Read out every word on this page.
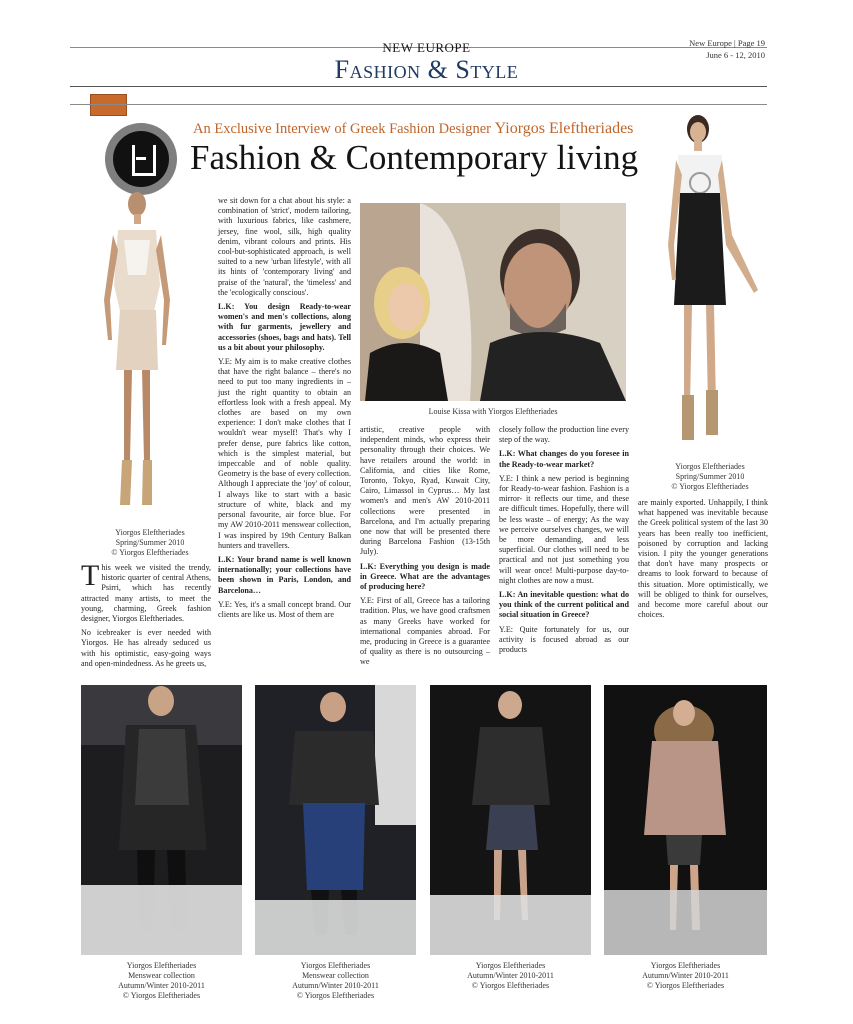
NEW EUROPE
Fashion & Style
New Europe | Page 19
June 6 - 12, 2010
An Exclusive Interview of Greek Fashion Designer Yiorgos Eleftheriades
Fashion & Contemporary living
Yiorgos Eleftheriades
Spring/Summer 2010
© Yiorgos Eleftheriades
Yiorgos Eleftheriades
Spring/Summer 2010
© Yiorgos Eleftheriades
Louise Kissa with Yiorgos Eleftheriades

This week we visited the trendy, historic quarter of central Athens, Psirri, which has recently attracted many artists, to meet the young, charming, Greek fashion designer, Yiorgos Eleftheriades.

No icebreaker is ever needed with Yiorgos. He has already seduced us with his optimistic, easy-going ways and open-mindedness. As he greets us,

we sit down for a chat about his style: a combination of 'strict', modern tailoring, with luxurious fabrics, like cashmere, jersey, fine wool, silk, high quality denim, vibrant colours and prints. His cool-but-sophisticated approach, is well suited to a new 'urban lifestyle', with all its hints of 'contemporary living' and praise of the 'natural', the 'timeless' and the 'ecologically conscious'.

L.K: You design Ready-to-wear women's and men's collections, along with fur garments, jewellery and accessories (shoes, bags and hats). Tell us a bit about your philosophy.

Y.E: My aim is to make creative clothes that have the right balance – there's no need to put too many ingredients in – just the right quantity to obtain an effortless look with a fresh appeal. My clothes are based on my own experience: I don't make clothes that I wouldn't wear myself! That's why I prefer dense, pure fabrics like cotton, which is the simplest material, but impeccable and of noble quality. Geometry is the base of every collection. Although I appreciate the 'joy' of colour, I always like to start with a basic structure of white, black and my personal favourite, air force blue. For my AW 2010-2011 menswear collection, I was inspired by 19th Century Balkan hunters and travellers.

L.K: Your brand name is well known internationally; your collections have been shown in Paris, London, and Barcelona…

Y.E: Yes, it's a small concept brand. Our clients are like us. Most of them are

artistic, creative people with independent minds, who express their personality through their choices. We have retailers around the world: in California, and cities like Rome, Toronto, Tokyo, Ryad, Kuwait City, Cairo, Limassol in Cyprus… My last women's and men's AW 2010-2011 collections were presented in Barcelona, and I'm actually preparing one now that will be presented there during Barcelona Fashion (13-15th July).

L.K: Everything you design is made in Greece. What are the advantages of producing here?

Y.E: First of all, Greece has a tailoring tradition. Plus, we have good craftsmen as many Greeks have worked for international companies abroad. For me, producing in Greece is a guarantee of quality as there is no outsourcing – we

closely follow the production line every step of the way.

L.K: What changes do you foresee in the Ready-to-wear market?

Y.E: I think a new period is beginning for Ready-to-wear fashion. Fashion is a mirror- it reflects our time, and these are difficult times. Hopefully, there will be less waste – of energy; As the way we perceive ourselves changes, we will be more demanding, and less superficial. Our clothes will need to be practical and not just something you will wear once! Multi-purpose day-to-night clothes are now a must.

L.K: An inevitable question: what do you think of the current political and social situation in Greece?

Y.E: Quite fortunately for us, our activity is focused abroad as our products

are mainly exported. Unhappily, I think what happened was inevitable because the Greek political system of the last 30 years has been really too inefficient, poisoned by corruption and lacking vision. I pity the younger generations that don't have many prospects or dreams to look forward to because of this situation. More optimistically, we will be obliged to think for ourselves, and become more careful about our choices.

Yiorgos Eleftheriades
Menswear collection
Autumn/Winter 2010-2011
© Yiorgos Eleftheriades
Yiorgos Eleftheriades
Menswear collection
Autumn/Winter 2010-2011
© Yiorgos Eleftheriades
Yiorgos Eleftheriades
Autumn/Winter 2010-2011
© Yiorgos Eleftheriades
Yiorgos Eleftheriades
Autumn/Winter 2010-2011
© Yiorgos Eleftheriades
